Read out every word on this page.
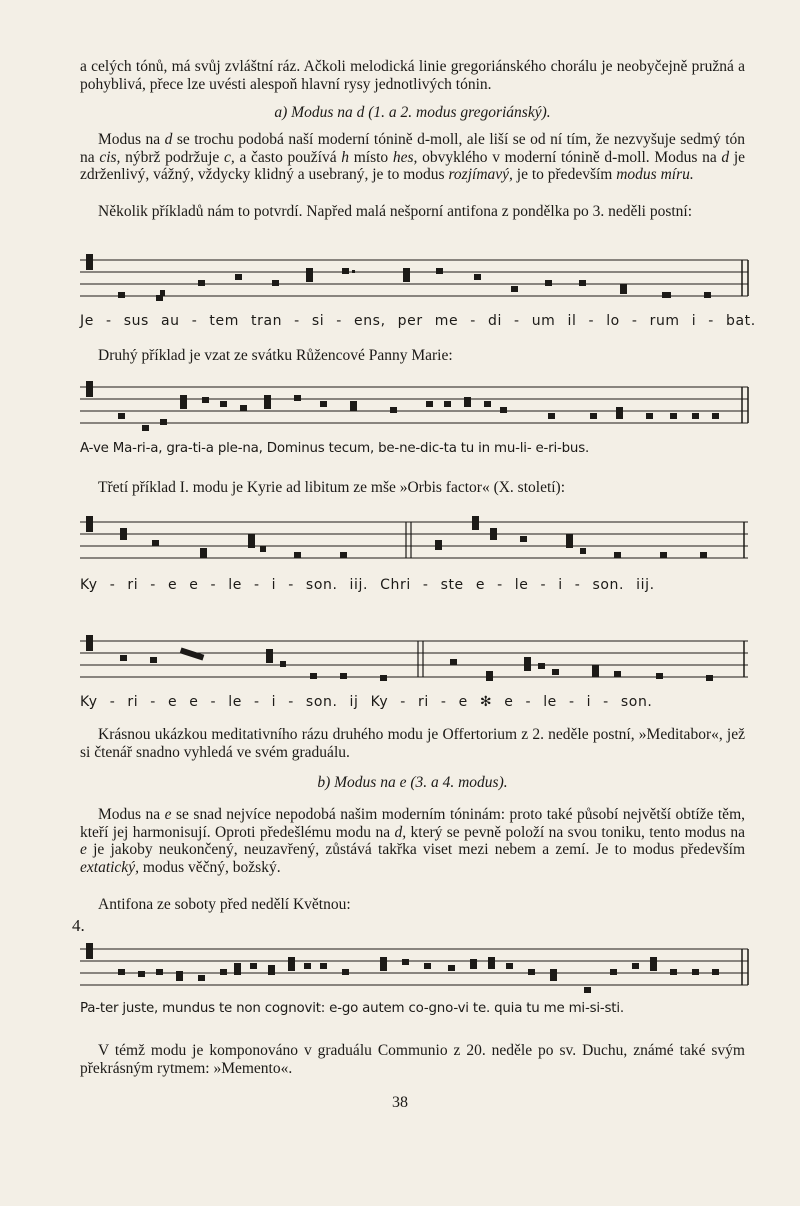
a celých tónů, má svůj zvláštní ráz. Ačkoli melodická linie gregoriánského chorálu je neobyčejně pružná a pohyblivá, přece lze uvésti alespoň hlavní rysy jednotlivých tónin.

a) Modus na d (1. a 2. modus gregoriánský).

Modus na d se trochu podobá naší moderní tónině d-moll, ale liší se od ní tím, že nezvyšuje sedmý tón na cis, nýbrž podržuje c, a často používá h místo hes, obvyklého v moderní tónině d-moll. Modus na d je zdrženlivý, vážný, vždycky klidný a usebraný, je to modus rozjímavý, je to především modus míru.

Několik příkladů nám to potvrdí. Napřed malá nešporní antifona z pondělka po 3. neděli postní:

Je - sus au - tem tran - si - ens, per me - di - um il - lo - rum i - bat.

Druhý příklad je vzat ze svátku Růžencové Panny Marie:

A-ve Ma-ri-a, gra-ti-a ple-na, Dominus tecum, be-ne-dic-ta tu in mu-li- e-ri-bus.

Třetí příklad I. modu je Kyrie ad libitum ze mše »Orbis factor« (X. století):

Ky - ri - e e - le - i - son. iij. Chri - ste e - le - i - son. iij.
Ky - ri - e e - le - i - son. ij Ky - ri - e ✻ e - le - i - son.

Krásnou ukázkou meditativního rázu druhého modu je Offertorium z 2. neděle postní, »Meditabor«, jež si čtenář snadno vyhledá ve svém graduálu.

b) Modus na e (3. a 4. modus).

Modus na e se snad nejvíce nepodobá našim moderním tóninám: proto také působí největší obtíže těm, kteří jej harmonisují. Oproti předešlému modu na d, který se pevně položí na svou toniku, tento modus na e je jakoby neukončený, neuzavřený, zůstává takřka viset mezi nebem a zemí. Je to modus především extatický, modus věčný, božský.

Antifona ze soboty před nedělí Květnou:

4.
Pa-ter juste, mundus te non cognovit: e-go autem co-gno-vi te. quia tu me mi-si-sti.

V témž modu je komponováno v graduálu Communio z 20. neděle po sv. Duchu, známé také svým překrásným rytmem: »Memento«.

38
